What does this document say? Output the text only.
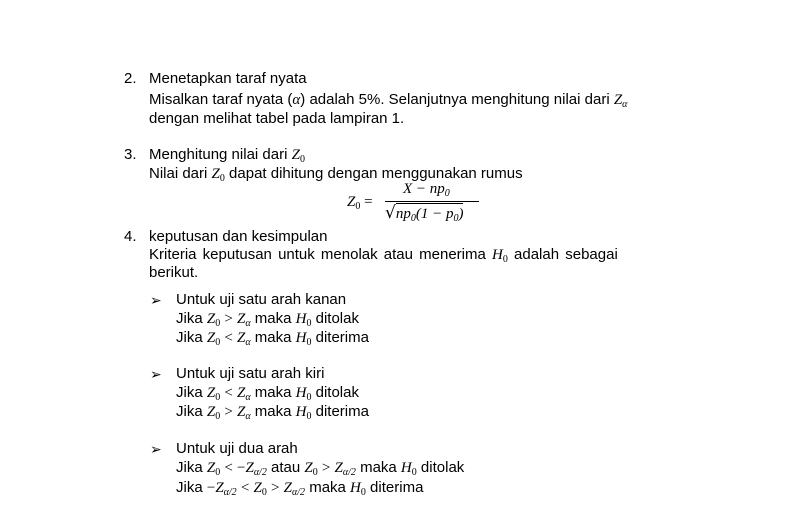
2. Menetapkan taraf nyata
Misalkan taraf nyata (α) adalah 5%. Selanjutnya menghitung nilai dari $Z_\alpha$
dengan melihat tabel pada lampiran 1.
3. Menghitung nilai dari $Z_0$
Nilai dari $Z_0$ dapat dihitung dengan menggunakan rumus
$Z_0$ =
$X - np_0$
$√np_0(1 - p_0)$
4. keputusan dan kesimpulan
Kriteria keputusan untuk menolak atau menerima $H_0$ adalah sebagai
berikut.
➢ Untuk uji satu arah kanan
Jika $Z_0 > Z_\alpha$ maka $H_0$ ditolak
Jika $Z_0 < Z_\alpha$ maka $H_0$ diterima
➢ Untuk uji satu arah kiri
Jika $Z_0 < Z_\alpha$ maka $H_0$ ditolak
Jika $Z_0 > Z_\alpha$ maka $H_0$ diterima
➢ Untuk uji dua arah
Jika $Z_0 < -Z_{\alpha/2}$ atau $Z_0 > Z_{\alpha/2}$ maka $H_0$ ditolak
Jika $-Z_{\alpha/2} < Z_0 > Z_{\alpha/2}$ maka $H_0$ diterima
